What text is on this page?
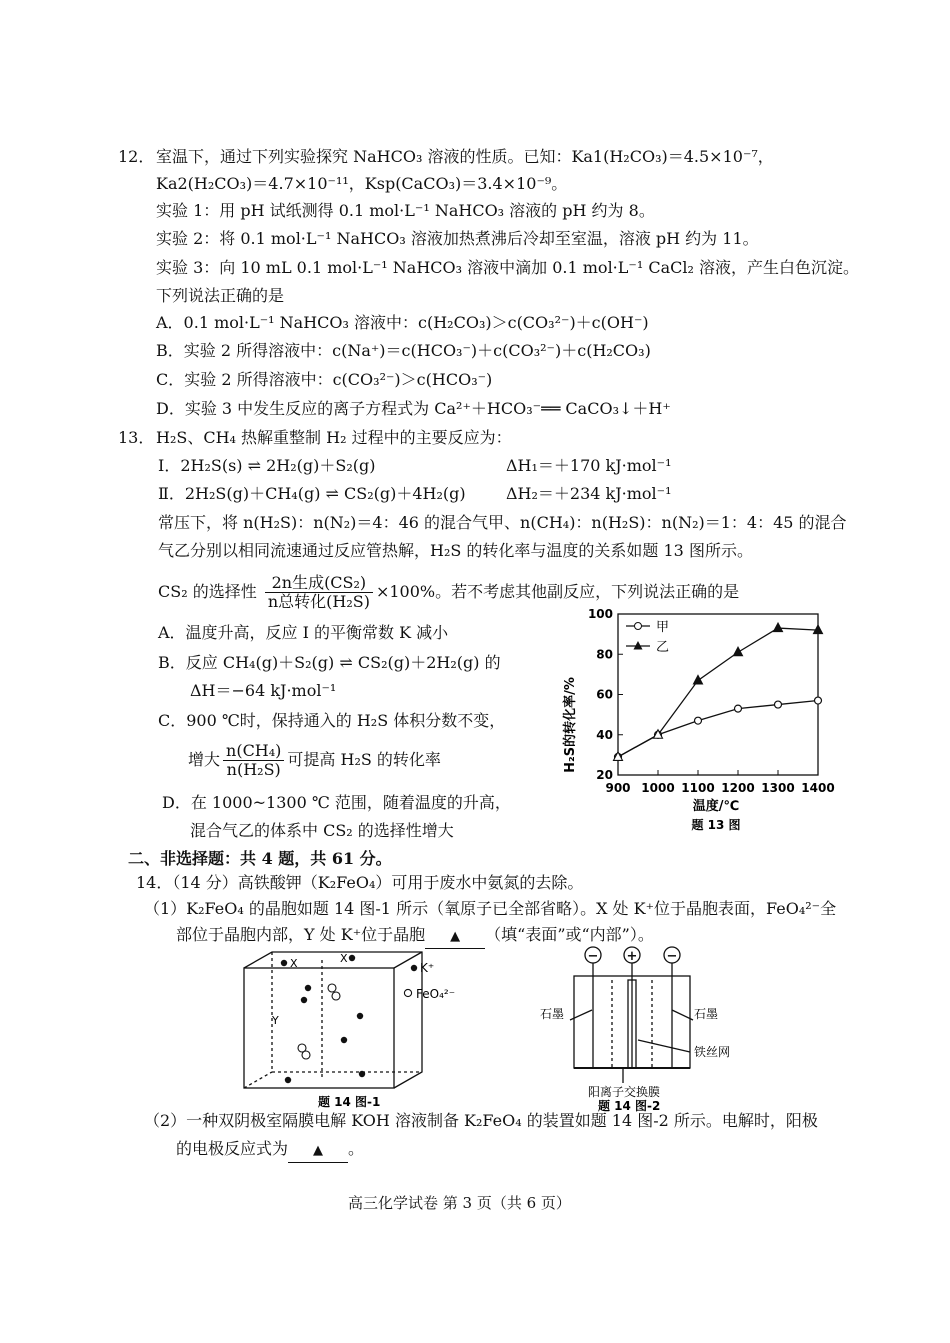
12． 室温下，通过下列实验探究 NaHCO₃ 溶液的性质。已知：Ka1(H₂CO₃)＝4.5×10⁻⁷，
Ka2(H₂CO₃)＝4.7×10⁻¹¹，Ksp(CaCO₃)＝3.4×10⁻⁹。
实验 1：用 pH 试纸测得 0.1 mol·L⁻¹ NaHCO₃ 溶液的 pH 约为 8。
实验 2：将 0.1 mol·L⁻¹ NaHCO₃ 溶液加热煮沸后冷却至室温，溶液 pH 约为 11。
实验 3：向 10 mL 0.1 mol·L⁻¹ NaHCO₃ 溶液中滴加 0.1 mol·L⁻¹ CaCl₂ 溶液，产生白色沉淀。
下列说法正确的是
A．0.1 mol·L⁻¹ NaHCO₃ 溶液中：c(H₂CO₃)＞c(CO₃²⁻)＋c(OH⁻)
B．实验 2 所得溶液中：c(Na⁺)＝c(HCO₃⁻)＋c(CO₃²⁻)＋c(H₂CO₃)
C．实验 2 所得溶液中：c(CO₃²⁻)＞c(HCO₃⁻)
D．实验 3 中发生反应的离子方程式为 Ca²⁺＋HCO₃⁻══ CaCO₃↓＋H⁺
13． H₂S、CH₄ 热解重整制 H₂ 过程中的主要反应为：
Ⅰ．2H₂S(s) ⇌ 2H₂(g)＋S₂(g)	ΔH₁＝＋170 kJ·mol⁻¹
Ⅱ．2H₂S(g)＋CH₄(g) ⇌ CS₂(g)＋4H₂(g)	ΔH₂＝＋234 kJ·mol⁻¹
常压下，将 n(H₂S)：n(N₂)＝4：46 的混合气甲、n(CH₄)：n(H₂S)：n(N₂)＝1：4：45 的混合
气乙分别以相同流速通过反应管热解，H₂S 的转化率与温度的关系如题 13 图所示。
CS₂ 的选择性 $\frac{\text{2n生成(CS₂)}}{\text{n总转化(H₂S)}} \times 100\%$。若不考虑其他副反应，下列说法正确的是
A．温度升高，反应 Ⅰ 的平衡常数 K 减小
B．反应 CH₄(g)＋S₂(g) ⇌ CS₂(g)＋2H₂(g) 的
ΔH＝−64 kJ·mol⁻¹
C．900 ℃时，保持通入的 H₂S 体积分数不变，
增大 $\frac{\text{n(CH₄)}}{\text{n(H₂S)}}$ 可提高 H₂S 的转化率
D．在 1000~1300 ℃ 范围，随着温度的升高，
混合气乙的体系中 CS₂ 的选择性增大
900 1000 1100 1200 1300 1400
20
40
60
80
100
甲
乙
H₂S的转化率/%
温度/℃
题 13 图
二、非选择题：共 4 题，共 61 分。
14．（14 分）高铁酸钾（K₂FeO₄）可用于废水中氨氮的去除。
（1）K₂FeO₄ 的晶胞如题 14 图-1 所示（氧原子已全部省略）。X 处 K⁺位于晶胞表面，FeO₄²⁻全
部位于晶胞内部，Y 处 K⁺位于晶胞 ▲ （填“表面”或“内部”）。
X	X
Y
K⁺
FeO₄²⁻
题 14 图-1
− + −
石墨	石墨
铁丝网
阳离子交换膜
题 14 图-2
（2）一种双阴极室隔膜电解 KOH 溶液制备 K₂FeO₄ 的装置如题 14 图-2 所示。电解时，阳极
的电极反应式为 ▲ 。
高三化学试卷 第 3 页（共 6 页）
